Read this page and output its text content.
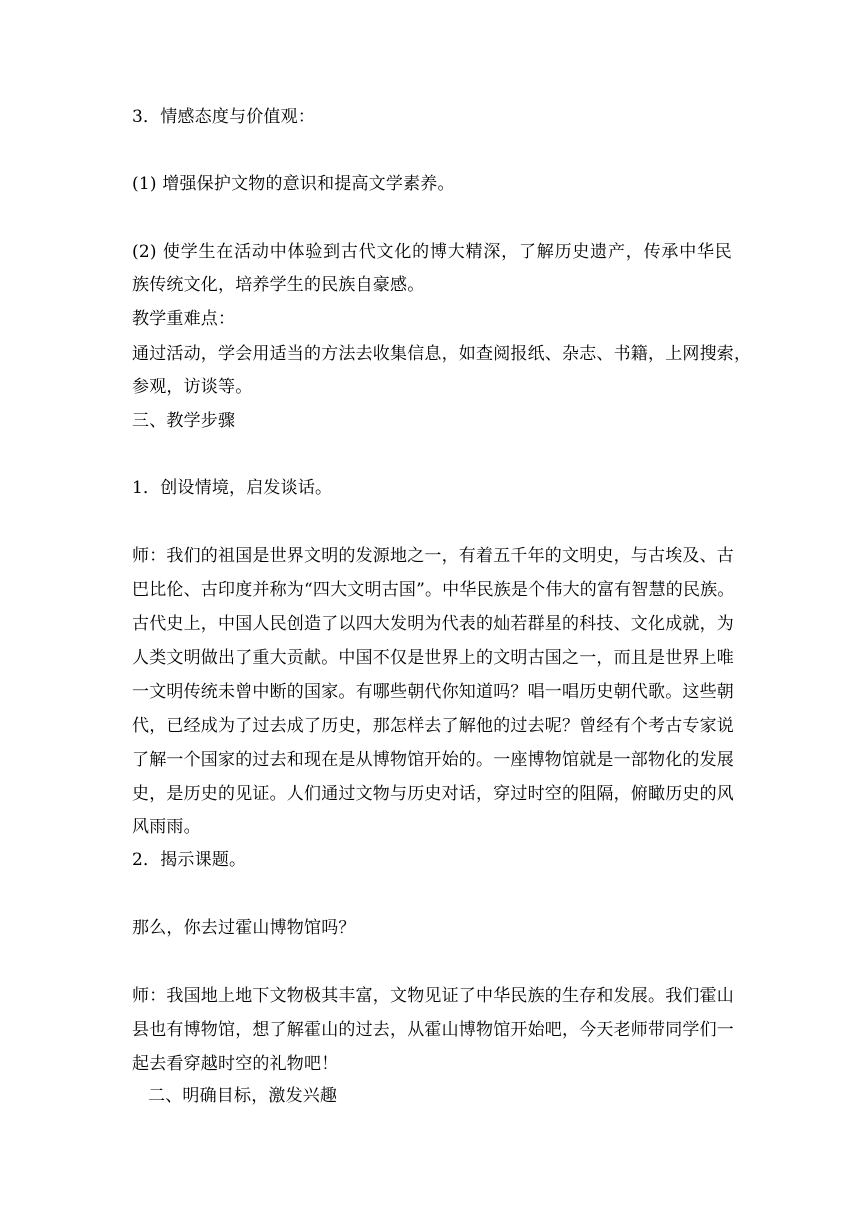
3．情感态度与价值观：
(1) 增强保护文物的意识和提高文学素养。
(2) 使学生在活动中体验到古代文化的博大精深，了解历史遗产，传承中华民
族传统文化，培养学生的民族自豪感。
教学重难点：
通过活动，学会用适当的方法去收集信息，如查阅报纸、杂志、书籍，上网搜索，
参观，访谈等。
三、教学步骤
1．创设情境，启发谈话。
师：我们的祖国是世界文明的发源地之一，有着五千年的文明史，与古埃及、古
巴比伦、古印度并称为“四大文明古国”。中华民族是个伟大的富有智慧的民族。
古代史上，中国人民创造了以四大发明为代表的灿若群星的科技、文化成就，为
人类文明做出了重大贡献。中国不仅是世界上的文明古国之一，而且是世界上唯
一文明传统未曾中断的国家。有哪些朝代你知道吗？唱一唱历史朝代歌。这些朝
代，已经成为了过去成了历史，那怎样去了解他的过去呢？曾经有个考古专家说
了解一个国家的过去和现在是从博物馆开始的。一座博物馆就是一部物化的发展
史，是历史的见证。人们通过文物与历史对话，穿过时空的阻隔，俯瞰历史的风
风雨雨。
2．揭示课题。
那么，你去过霍山博物馆吗？
师：我国地上地下文物极其丰富，文物见证了中华民族的生存和发展。我们霍山
县也有博物馆，想了解霍山的过去，从霍山博物馆开始吧，今天老师带同学们一
起去看穿越时空的礼物吧！
二、明确目标，激发兴趣
